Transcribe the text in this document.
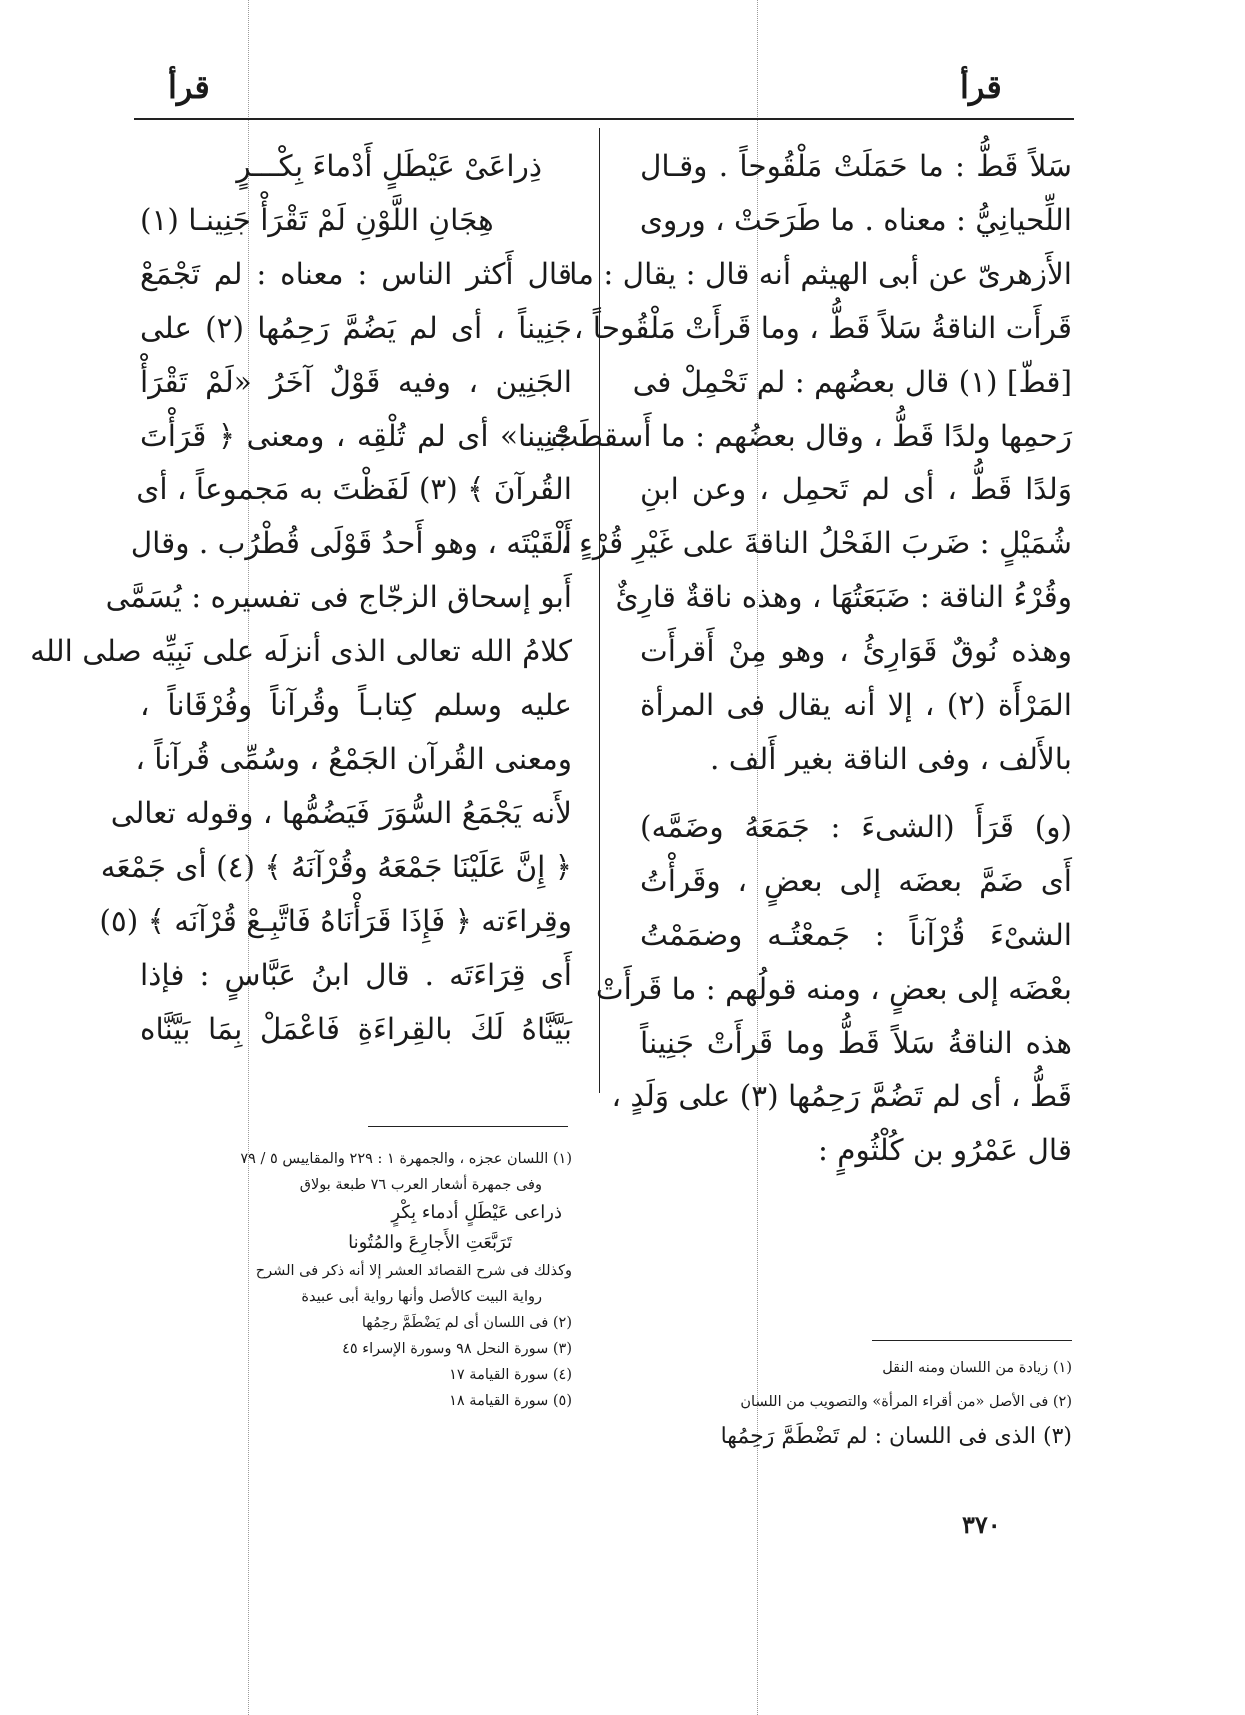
قرأ
قرأ
سَلاً قَطُّ : ما حَمَلَتْ مَلْقُوحاً . وقـال
اللِّحيانِيُّ : معناه . ما طَرَحَتْ ، وروى
الأَزهرىّ عن أبى الهيثم أنه قال : يقال : ما
قَرأَت الناقةُ سَلاً قَطُّ ، وما قَرأَتْ مَلْقُوحاً ،
[قطّ] (١) قال بعضُهم : لم تَحْمِلْ فى
رَحمِها ولدًا قَطُّ ، وقال بعضُهم : ما أَسقطَتْ
وَلدًا قَطُّ ، أى لم تَحمِل ، وعن ابنِ
شُمَيْلٍ : ضَربَ الفَحْلُ الناقةَ على غَيْرِ قُرْءٍ ،
وقُرْءُ الناقة : ضَبَعَتُهَا ، وهذه ناقةٌ قارِئٌ
وهذه نُوقٌ قَوَارِئُ ، وهو مِنْ أَقرأَت
المَرْأَة (٢) ، إلا أنه يقال فى المرأة
بالأَلف ، وفى الناقة بغير أَلف .
(و) قَرَأَ (الشىءَ : جَمَعَهُ وضَمَّه)
أَى ضَمَّ بعضَه إلى بعضٍ ، وقَرأْتُ
الشىْءَ قُرْآناً : جَمعْتُـه وضمَمْتُ
بعْضَه إلى بعضٍ ، ومنه قولُهم : ما قَرأَتْ
هذه الناقةُ سَلاً قَطُّ وما قَرأَتْ جَنِيناً
قَطُّ ، أى لم تَضُمَّ رَحِمُها (٣) على وَلَدٍ ،
قال عَمْرُو بن كُلْثُومٍ :
ذِراعَىْ عَيْطَلٍ أَدْماءَ بِكْـــرٍ
هِجَانِ اللَّوْنِ لَمْ تَقْرَأْ جَنِينـا (١)
قال أَكثر الناس : معناه : لم تَجْمَعْ
جَنِيناً ، أى لم يَضُمَّ رَحِمُها (٢) على
الجَنِين ، وفيه قَوْلٌ آخَرُ «لَمْ تَقْرَأْ
جَنِينا» أى لم تُلْقِه ، ومعنى ﴿ قَرَأْتَ
القُرآنَ ﴾ (٣) لَفَظْتَ به مَجموعاً ، أى
أَلْقَيْتَه ، وهو أَحدُ قَوْلَى قُطْرُب . وقال
أَبو إسحاق الزجّاج فى تفسيره : يُسَمَّى
كلامُ الله تعالى الذى أنزلَه على نَبِيِّه صلى الله
عليه وسلم كِتابـاً وقُرآناً وفُرْقَاناً ،
ومعنى القُرآن الجَمْعُ ، وسُمِّى قُرآناً ،
لأَنه يَجْمَعُ السُّوَرَ فَيَضُمُّها ، وقوله تعالى
﴿ إِنَّ عَلَيْنَا جَمْعَهُ وقُرْآنَهُ ﴾ (٤) أى جَمْعَه
وقِراءَته ﴿ فَإِذَا قَرَأْنَاهُ فَاتَّبِـعْ قُرْآنَه ﴾ (٥)
أَى قِرَاءَتَه . قال ابنُ عَبَّاسٍ : فإذا
بَيَّنَّاهُ لَكَ بالقِراءَةِ فَاعْمَلْ بِمَا بَيَّنَّاه
(١) اللسان عجزه ، والجمهرة ١ : ٢٢٩ والمقاييس ٥ / ٧٩
وفى جمهرة أشعار العرب ٧٦ طبعة بولاق
ذراعى عَيْطَلٍ أدماء بِكْرٍ
تَرَبَّعَتِ الأَجارِعَ والمُتُونا
وكذلك فى شرح القصائد العشر إلا أنه ذكر فى الشرح
رواية البيت كالأصل وأنها رواية أبى عبيدة
(٢) فى اللسان أى لم يَضْطَمَّ رحِمُها
(٣) سورة النحل ٩٨ وسورة الإسراء ٤٥
(٤) سورة القيامة ١٧
(٥) سورة القيامة ١٨
(١) زيادة من اللسان ومنه النقل
(٢) فى الأصل «من أقراء المرأة» والتصويب من اللسان
(٣) الذى فى اللسان : لم تَضْطَمَّ رَحِمُها
٣٧٠
